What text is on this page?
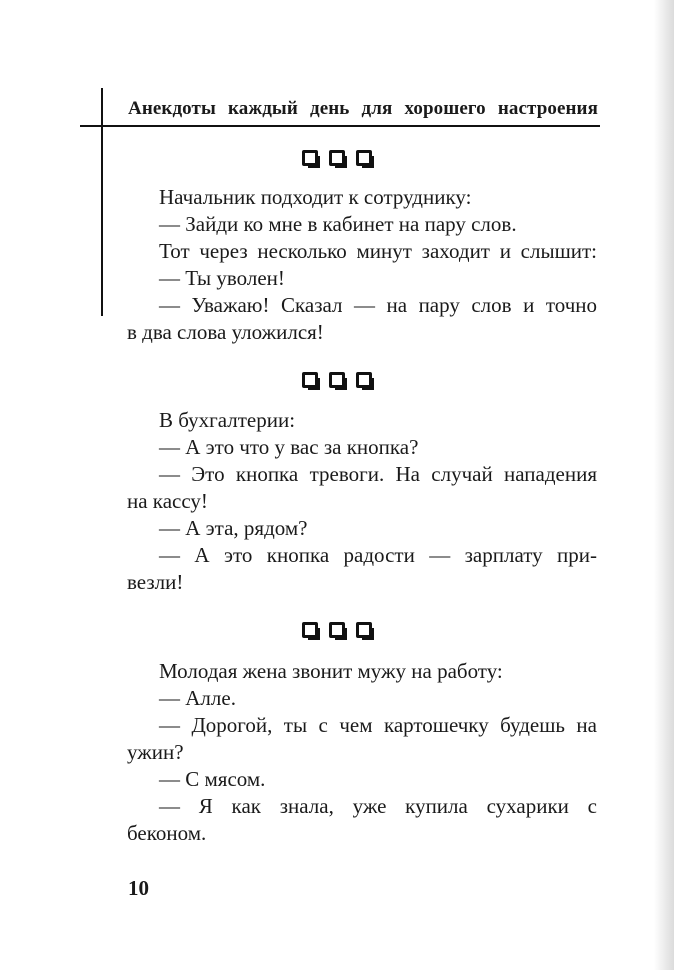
Анекдоты каждый день для хорошего настроения

Начальник подходит к сотруднику:
— Зайди ко мне в кабинет на пару слов.
Тот через несколько минут заходит и слышит:
— Ты уволен!
— Уважаю! Сказал — на пару слов и точно
в два слова уложился!

В бухгалтерии:
— А это что у вас за кнопка?
— Это кнопка тревоги. На случай нападения
на кассу!
— А эта, рядом?
— А это кнопка радости — зарплату при-
везли!

Молодая жена звонит мужу на работу:
— Алле.
— Дорогой, ты с чем картошечку будешь на
ужин?
— С мясом.
— Я как знала, уже купила сухарики с
беконом.
10
